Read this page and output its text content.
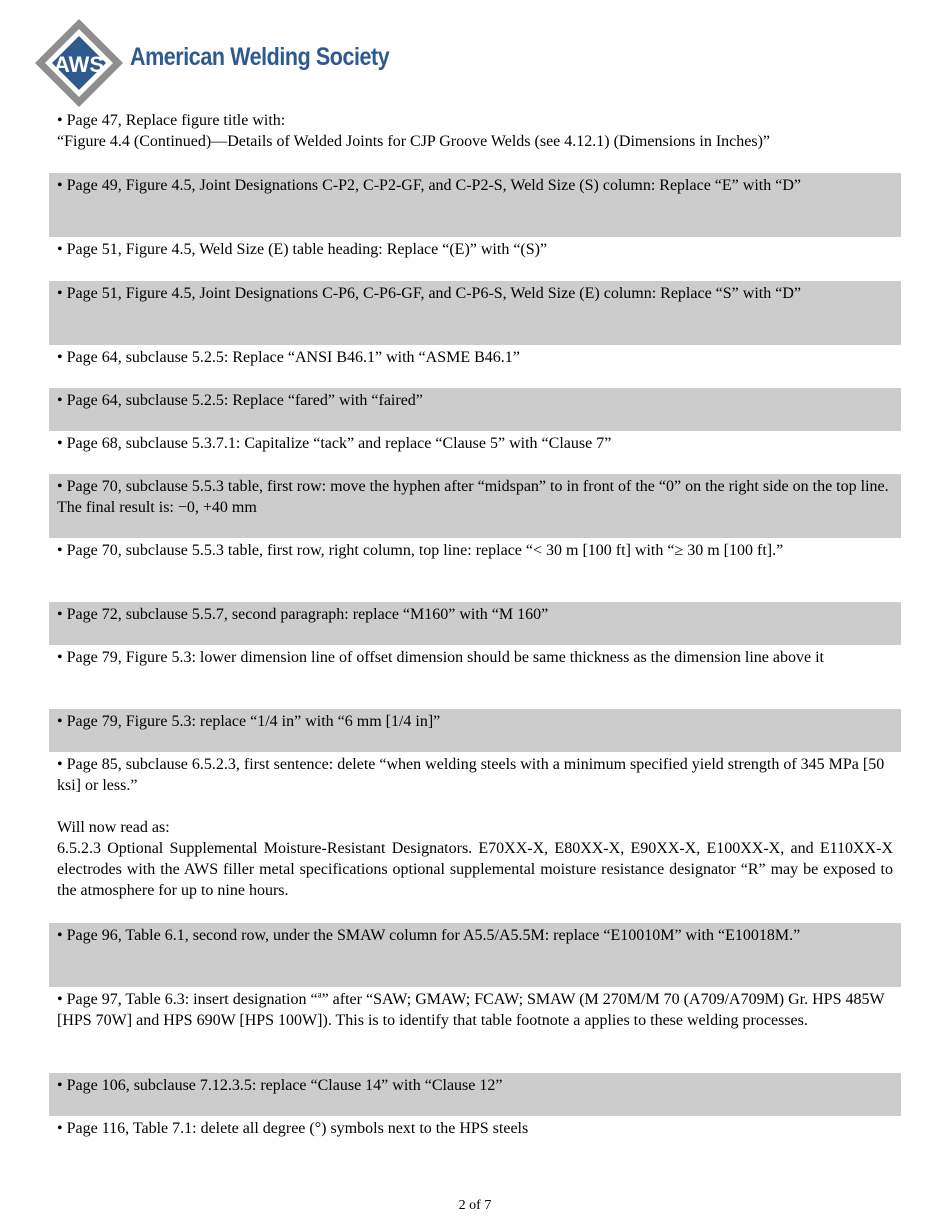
AWS American Welding Society

• Page 47, Replace figure title with:

“Figure 4.4 (Continued)—Details of Welded Joints for CJP Groove Welds (see 4.12.1) (Dimensions in Inches)”

• Page 49, Figure 4.5, Joint Designations C-P2, C-P2-GF, and C-P2-S, Weld Size (S) column: Replace “E” with “D”

• Page 51, Figure 4.5, Weld Size (E) table heading: Replace “(E)” with “(S)”

• Page 51, Figure 4.5, Joint Designations C-P6, C-P6-GF, and C-P6-S, Weld Size (E) column: Replace “S” with “D”

• Page 64, subclause 5.2.5: Replace “ANSI B46.1” with “ASME B46.1”

• Page 64, subclause 5.2.5: Replace “fared” with “faired”

• Page 68, subclause 5.3.7.1: Capitalize “tack” and replace “Clause 5” with “Clause 7”

• Page 70, subclause 5.5.3 table, first row: move the hyphen after “midspan” to in front of the “0” on the right side on the top line. The final result is: −0, +40 mm

• Page 70, subclause 5.5.3 table, first row, right column, top line: replace “< 30 m [100 ft] with “≥ 30 m [100 ft].”

• Page 72, subclause 5.5.7, second paragraph: replace “M160” with “M 160”

• Page 79, Figure 5.3: lower dimension line of offset dimension should be same thickness as the dimension line above it

• Page 79, Figure 5.3: replace “1/4 in” with “6 mm [1/4 in]”

• Page 85, subclause 6.5.2.3, first sentence: delete “when welding steels with a minimum specified yield strength of 345 MPa [50 ksi] or less.”

Will now read as:

6.5.2.3 Optional Supplemental Moisture-Resistant Designators. E70XX-X, E80XX-X, E90XX-X, E100XX-X, and E110XX-X electrodes with the AWS filler metal specifications optional supplemental moisture resistance designator “R” may be exposed to the atmosphere for up to nine hours.

• Page 96, Table 6.1, second row, under the SMAW column for A5.5/A5.5M: replace “E10010M” with “E10018M.”

• Page 97, Table 6.3: insert designation “$^a$” after “SAW; GMAW; FCAW; SMAW (M 270M/M 70 (A709/A709M) Gr. HPS 485W [HPS 70W] and HPS 690W [HPS 100W]). This is to identify that table footnote a applies to these welding processes.

• Page 106, subclause 7.12.3.5: replace “Clause 14” with “Clause 12”

• Page 116, Table 7.1: delete all degree (°) symbols next to the HPS steels

2 of 7
